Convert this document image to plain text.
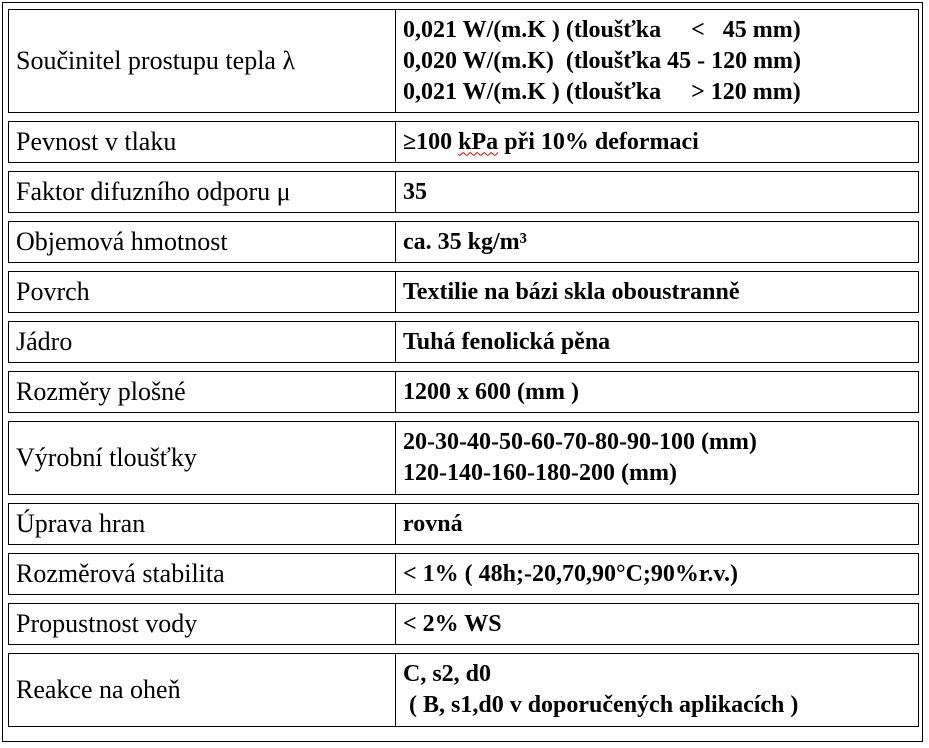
Součinitel prostupu tepla λ	0,021 W/(m.K ) (tloušťka     <   45 mm)
0,020 W/(m.K)  (tloušťka 45 - 120 mm)
0,021 W/(m.K ) (tloušťka     > 120 mm)

Pevnost v tlaku	≥100 kPa při 10% deformaci
Faktor difuzního odporu μ	35
Objemová hmotnost	ca. 35 kg/m³
Povrch	Textilie na bázi skla oboustranně
Jádro	Tuhá fenolická pěna
Rozměry plošné	1200 x 600 (mm )
Výrobní tloušťky	20-30-40-50-60-70-80-90-100 (mm)
120-140-160-180-200 (mm)

Úprava hran	rovná
Rozměrová stabilita	< 1% ( 48h;-20,70,90°C;90%r.v.)
Propustnost vody	< 2% WS
Reakce na oheň	C, s2, d0
( B, s1,d0 v doporučených aplikacích )
